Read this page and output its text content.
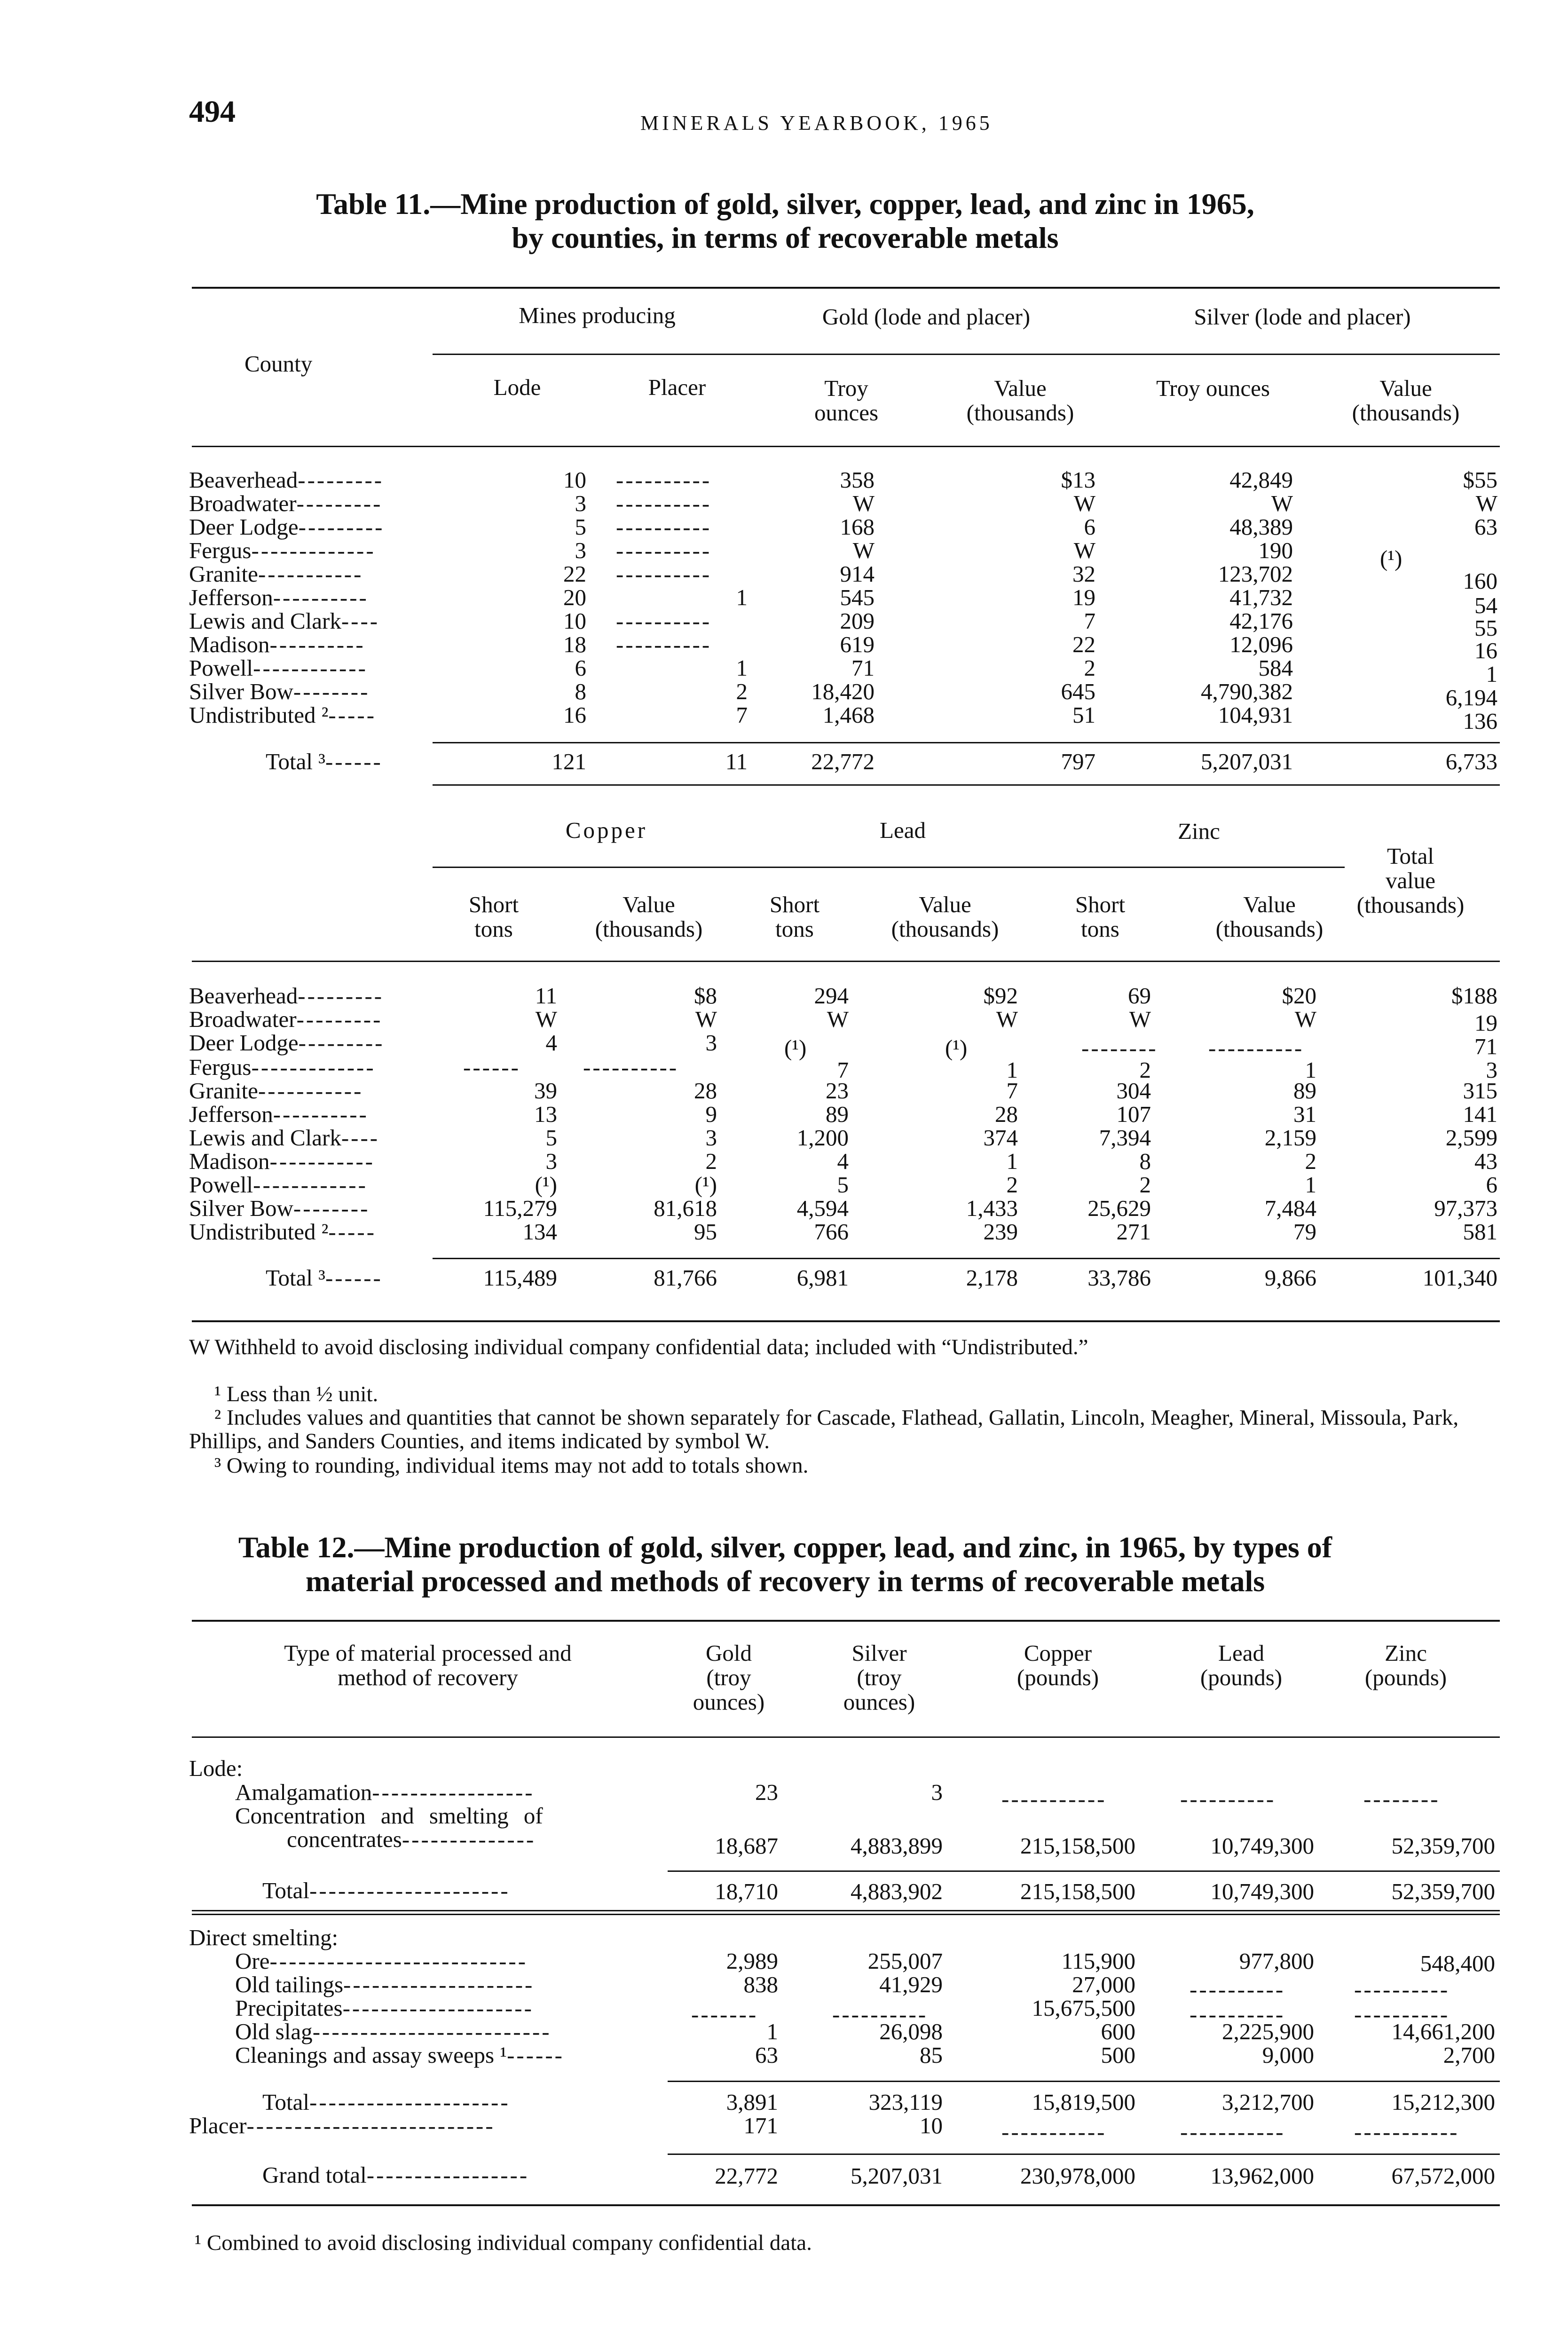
494	MINERALS YEARBOOK, 1965
Table 11.—Mine production of gold, silver, copper, lead, and zinc in 1965,
by counties, in terms of recoverable metals
County
Mines producing	Gold (lode and placer)	Silver (lode and placer)
Lode	Placer	Troy
ounces
Value
(thousands)
Troy ounces	Value
(thousands)
Beaverhead---------	10 ----------	358	$13	42,849	$55
Broadwater---------	3 ----------	W	W	W	W
Deer Lodge---------	5 ----------	168	6	48,389	63
Fergus-------------	3 ----------	W	W	190	(¹)
Granite-----------	22 ----------	914	32	123,702	160
Jefferson----------	20	1	545	19	41,732	54
Lewis and Clark----	10 ----------	209	7	42,176	55
Madison----------	18 ----------	619	22	12,096	16
Powell------------	6	1	71	2	584	1
Silver Bow--------	8	2	18,420	645	4,790,382	6,194
Undistributed ²-----	16	7	1,468	51	104,931	136
Total ³------	121	11	22,772	797	5,207,031	6,733
Copper	Lead	Zinc
Total
value
(thousands)
Short
tons
Value
(thousands)
Short
tons
Value
(thousands)
Short
tons
Value
(thousands)
Beaverhead---------	11	$8	294	$92	69	$20	$188
Broadwater---------	W	W	W	W	W	W	19
Deer Lodge---------	4	3	(¹)	(¹)	-------- ----------	71
Fergus-------------	------	----------	7	1	2	1	3
Granite-----------	39	28	23	7	304	89	315
Jefferson----------	13	9	89	28	107	31	141
Lewis and Clark----	5	3	1,200	374	7,394	2,159	2,599
Madison-----------	3	2	4	1	8	2	43
Powell------------	(¹)	(¹)	5	2	2	1	6
Silver Bow--------	115,279	81,618	4,594	1,433	25,629	7,484	97,373
Undistributed ²-----	134	95	766	239	271	79	581
Total ³------	115,489	81,766	6,981	2,178	33,786	9,866	101,340
W Withheld to avoid disclosing individual company confidential data; included with “Undistributed.”
¹ Less than ½ unit.
² Includes values and quantities that cannot be shown separately for Cascade, Flathead, Gallatin, Lincoln, Meagher, Mineral, Missoula, Park, Phillips, and Sanders Counties, and items indicated by symbol W.
³ Owing to rounding, individual items may not add to totals shown.
Table 12.—Mine production of gold, silver, copper, lead, and zinc, in 1965, by types of
material processed and methods of recovery in terms of recoverable metals
Type of material processed and
method of recovery
Gold
(troy
ounces)
Silver
(troy
ounces)
Copper
(pounds)
Lead
(pounds)
Zinc
(pounds)
Lode:
Amalgamation-----------------	23	3	-----------	----------	--------
Concentration and smelting of
concentrates--------------	18,687	4,883,899	215,158,500	10,749,300	52,359,700
Total---------------------	18,710	4,883,902	215,158,500	10,749,300	52,359,700
Direct smelting:
Ore---------------------------	2,989	255,007	115,900	977,800	548,400
Old tailings--------------------	838	41,929	27,000 ----------	----------
Precipitates--------------------	-------	----------	15,675,500 ----------	----------
Old slag-------------------------	1	26,098	600	2,225,900	14,661,200
Cleanings and assay sweeps ¹------	63	85	500	9,000	2,700
Total---------------------	3,891	323,119	15,819,500	3,212,700	15,212,300
Placer--------------------------	171	10	-----------	-----------	-----------
Grand total-----------------	22,772	5,207,031	230,978,000	13,962,000	67,572,000
¹ Combined to avoid disclosing individual company confidential data.
